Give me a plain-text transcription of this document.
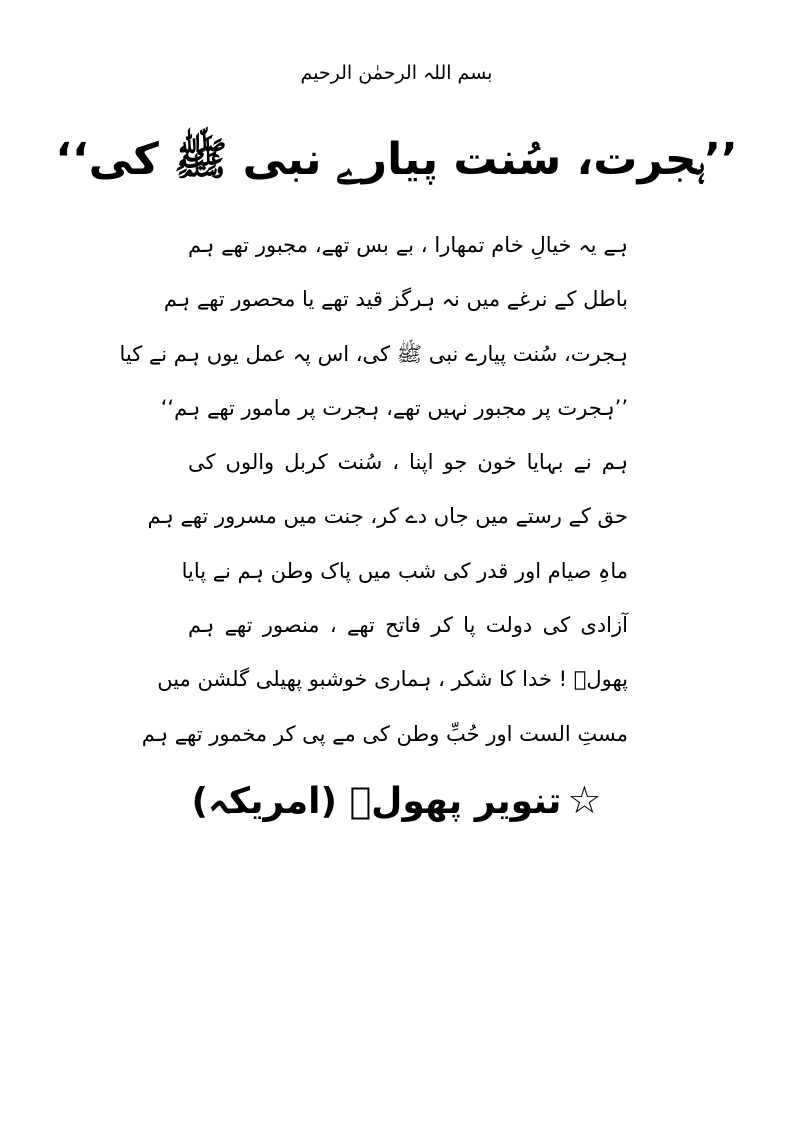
بسم اللہ الرحمٰن الرحیم
’’ہجرت، سُنت پیارے نبی ﷺ کی‘‘
ہے یہ خیالِ خام تمھارا ، بے بس تھے، مجبور تھے ہم
باطل کے نرغے میں نہ ہرگز قید تھے یا محصور تھے ہم
ہجرت، سُنت پیارے نبی ﷺ کی، اس پہ عمل یوں ہم نے کیا
’’ہجرت پر مجبور نہیں تھے، ہجرت پر مامور تھے ہم‘‘
ہم نے بہایا خون جو اپنا ، سُنت کربل والوں کی
حق کے رستے میں جاں دے کر، جنت میں مسرور تھے ہم
ماہِ صیام اور قدر کی شب میں پاک وطن ہم نے پایا
آزادی کی دولت پا کر فاتح تھے ، منصور تھے ہم
پھولؔ ! خدا کا شکر ، ہماری خوشبو پھیلی گلشن میں
مستِ الست اور حُبِّ وطن کی مے پی کر مخمور تھے ہم
☆تنویر پھولؔ (امریکہ)
